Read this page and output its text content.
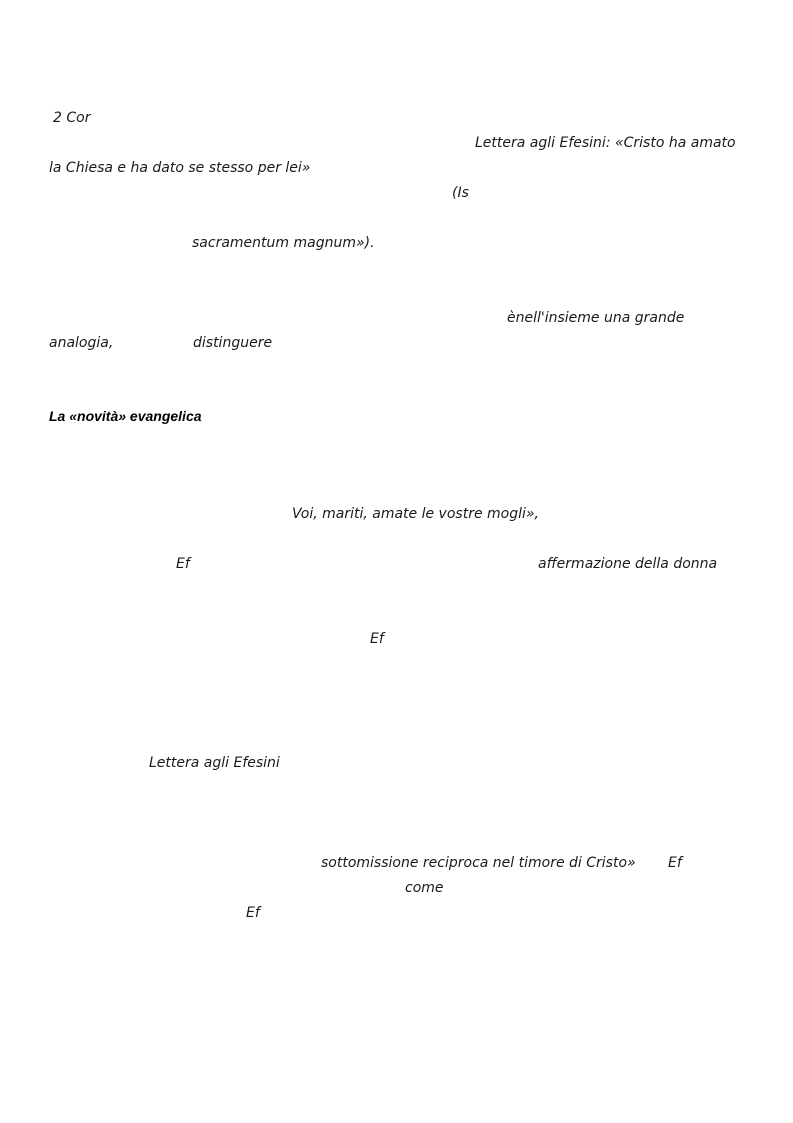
2 Cor
Lettera agli Efesini: «Cristo ha amato
la Chiesa e ha dato se stesso per lei»
(Is
sacramentum magnum»).
ènell'insieme una grande
analogia,	distinguere
La «novità» evangelica
Voi, mariti, amate le vostre mogli»,
Ef	affermazione della donna
Ef
Lettera agli Efesini
sottomissione reciproca nel timore di Cristo» Ef
come
Ef
